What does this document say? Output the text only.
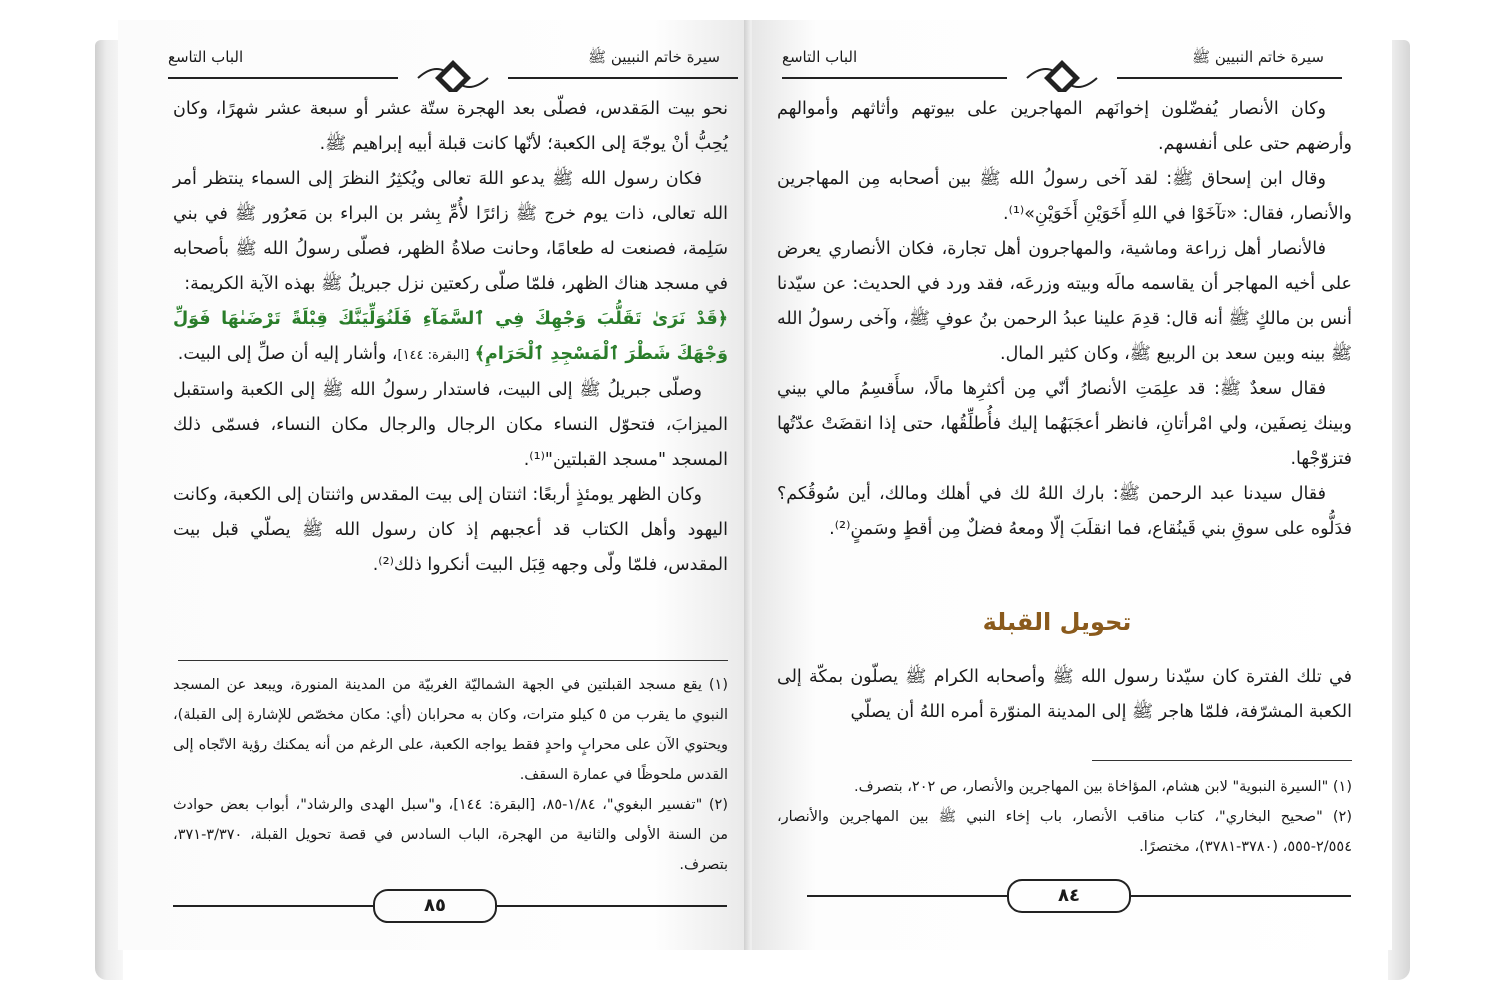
الباب التاسع	سيرة خاتم النبيين ﷺ

نحو بيت المَقدس، فصلّى بعد الهجرة ستّة عشر أو سبعة عشر شهرًا، وكان يُحِبُّ أنْ يوجّهَ إلى الكعبة؛ لأنّها كانت قبلة أبيه إبراهيم ﷺ.

فكان رسول الله ﷺ يدعو اللهَ تعالى ويُكثِرُ النظرَ إلى السماء ينتظر أمر الله تعالى، ذات يوم خرج ﷺ زائرًا لأُمِّ بِشر بن البراء بن مَعرُور ﷺ في بني سَلِمة، فصنعت له طعامًا، وحانت صلاةُ الظهر، فصلّى رسولُ الله ﷺ بأصحابه في مسجد هناك الظهر، فلمّا صلّى ركعتين نزل جبريلُ ﷺ بهذه الآية الكريمة:

﴿قَدْ نَرَىٰ تَقَلُّبَ وَجْهِكَ فِي ٱلسَّمَآءِ فَلَنُوَلِّيَنَّكَ قِبْلَةً تَرْضَىٰهَا فَوَلِّ وَجْهَكَ شَطْرَ ٱلْمَسْجِدِ ٱلْحَرَامِ﴾ [البقرة: ١٤٤]، وأشار إليه أن صلِّ إلى البيت.

وصلّى جبريلُ ﷺ إلى البيت، فاستدار رسولُ الله ﷺ إلى الكعبة واستقبل الميزابَ، فتحوّل النساء مكان الرجال والرجال مكان النساء، فسمّى ذلك المسجد "مسجد القبلتين"⁽¹⁾.

وكان الظهر يومئذٍ أربعًا: اثنتان إلى بيت المقدس واثنتان إلى الكعبة، وكانت اليهود وأهل الكتاب قد أعجبهم إذ كان رسول الله ﷺ يصلّي قبل بيت المقدس، فلمّا ولّى وجهه قِبَل البيت أنكروا ذلك⁽²⁾.

(١) يقع مسجد القبلتين في الجهة الشماليّة الغربيّة من المدينة المنورة، ويبعد عن المسجد النبوي ما يقرب من ٥ كيلو مترات، وكان به محرابان (أي: مكان مخصّص للإشارة إلى القبلة)، ويحتوي الآن على محرابٍ واحدٍ فقط يواجه الكعبة، على الرغم من أنه يمكنك رؤية الاتّجاه إلى القدس ملحوظًا في عمارة السقف.

(٢) "تفسير البغوي"، ١/٨٤-٨٥، [البقرة: ١٤٤]، و"سبل الهدى والرشاد"، أبواب بعض حوادث من السنة الأولى والثانية من الهجرة، الباب السادس في قصة تحويل القبلة، ٣/٣٧٠-٣٧١، بتصرف.

٨٥
الباب التاسع	سيرة خاتم النبيين ﷺ

وكان الأنصار يُفضّلون إخوانَهم المهاجرين على بيوتهم وأثاثهم وأموالهم وأرضهم حتى على أنفسهم.

وقال ابن إسحاق ﷺ: لقد آخى رسولُ الله ﷺ بين أصحابه مِن المهاجرين والأنصار، فقال: «تآخَوْا في اللهِ أَخَوَيْنِ أَخَوَيْنِ»⁽¹⁾.

فالأنصار أهل زراعة وماشية، والمهاجرون أهل تجارة، فكان الأنصاري يعرض على أخيه المهاجر أن يقاسمه مالَه وبيته وزرعَه، فقد ورد في الحديث: عن سيّدنا أنس بن مالكٍ ﷺ أنه قال: قدِمَ علينا عبدُ الرحمن بنُ عوفٍ ﷺ، وآخى رسولُ الله ﷺ بينه وبين سعد بن الربيع ﷺ، وكان كثير المال.

فقال سعدٌ ﷺ: قد علِمَتِ الأنصارُ أنّي مِن أكثرِها مالًا، سأَقسِمُ مالي بيني وبينك نِصفَين، ولي امْرأتانِ، فانظر أعجَبَهُما إليك فأُطلِّقُها، حتى إذا انقضَتْ عدّتُها فتزوّجْها.

فقال سيدنا عبد الرحمن ﷺ: بارك اللهُ لك في أهلك ومالك، أين سُوقُكم؟ فدَلُّوه على سوقِ بني قَينُقاع، فما انقلَبَ إلّا ومعهُ فضلٌ مِن أقطٍ وسَمنٍ⁽²⁾.

تحويل القبلة

في تلك الفترة كان سيّدنا رسول الله ﷺ وأصحابه الكرام ﷺ يصلّون بمكّة إلى الكعبة المشرّفة، فلمّا هاجر ﷺ إلى المدينة المنوّرة أمره اللهُ أن يصلّي

(١) "السيرة النبوية" لابن هشام، المؤاخاة بين المهاجرين والأنصار، ص ٢٠٢، بتصرف.

(٢) "صحيح البخاري"، كتاب مناقب الأنصار، باب إخاء النبي ﷺ بين المهاجرين والأنصار، ٢/٥٥٤-٥٥٥، (٣٧٨٠-٣٧٨١)، مختصرًا.

٨٤
